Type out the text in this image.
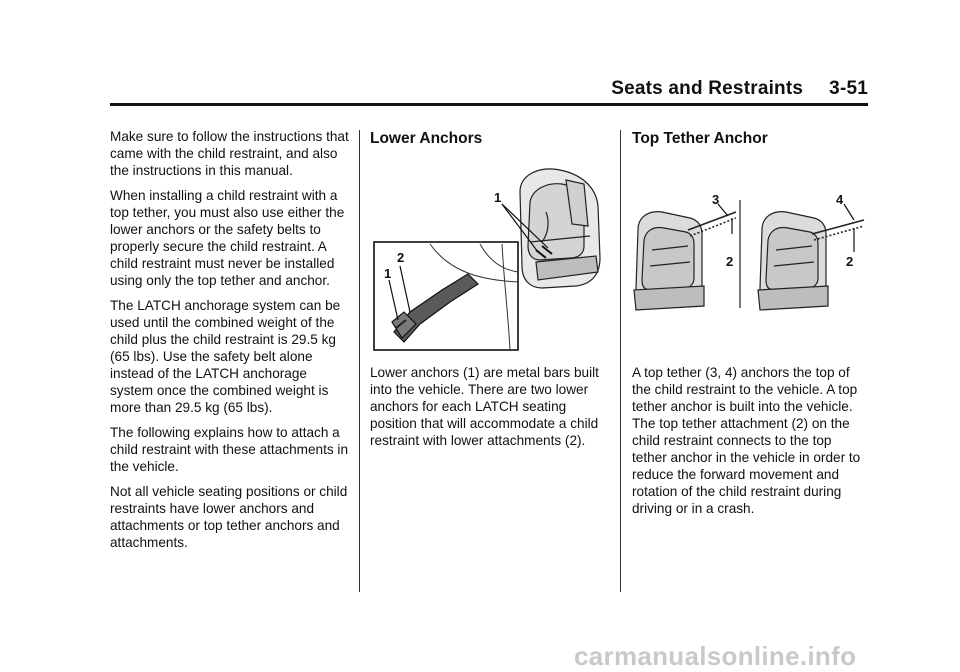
Seats and Restraints 3-51

Make sure to follow the instructions that came with the child restraint, and also the instructions in this manual.

When installing a child restraint with a top tether, you must also use either the lower anchors or the safety belts to properly secure the child restraint. A child restraint must never be installed using only the top tether and anchor.

The LATCH anchorage system can be used until the combined weight of the child plus the child restraint is 29.5 kg (65 lbs). Use the safety belt alone instead of the LATCH anchorage system once the combined weight is more than 29.5 kg (65 lbs).

The following explains how to attach a child restraint with these attachments in the vehicle.

Not all vehicle seating positions or child restraints have lower anchors and attachments or top tether anchors and attachments.

Lower Anchors
1
1
2
Lower anchors (1) are metal bars built into the vehicle. There are two lower anchors for each LATCH seating position that will accommodate a child restraint with lower attachments (2).
Top Tether Anchor
3
2
4
2
A top tether (3, 4) anchors the top of the child restraint to the vehicle. A top tether anchor is built into the vehicle. The top tether attachment (2) on the child restraint connects to the top tether anchor in the vehicle in order to reduce the forward movement and rotation of the child restraint during driving or in a crash.
carmanualsonline.info
